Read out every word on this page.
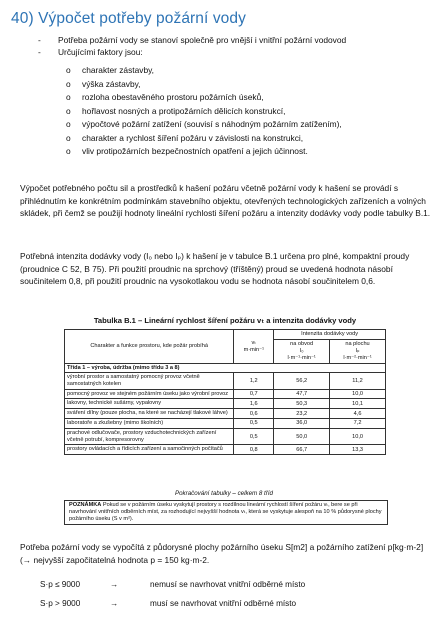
40) Výpočet potřeby požární vody
- Potřeba požární vody se stanoví společně pro vnější i vnitřní požární vodovod
- Určujícími faktory jsou:
o charakter zástavby,
o výška zástavby,
o rozloha obestavěného prostoru požárních úseků,
o hořlavost nosných a protipožárních dělicích konstrukcí,
o výpočtové požární zatížení (souvisí s náhodným požárním zatížením),
o charakter a rychlost šíření požáru v závislosti na konstrukci,
o vliv protipožárních bezpečnostních opatření a jejich účinnost.
Výpočet potřebného počtu sil a prostředků k hašení požáru včetně požární vody k hašení se provádí s přihlédnutím ke konkrétním podmínkám stavebního objektu, otevřených technologických zařízeních a volných skládek, při čemž se použijí hodnoty lineální rychlosti šíření požáru a intenzity dodávky vody podle tabulky B.1.
Potřebná intenzita dodávky vody (I₀ nebo Iₚ) k hašení je v tabulce B.1 určena pro plné, kompaktní proudy (proudnice C 52, B 75). Při použití proudnic na sprchový (tříštěný) proud se uvedená hodnota násobí součinitelem 0,8, při použití proudnic na vysokotlakou vodu se hodnota násobí součinitelem 0,6.
Tabulka B.1 – Lineární rychlost šíření požáru vₜ a intenzita dodávky vody
Charakter a funkce prostoru, kde požár probíhá	vₜ
m·min⁻¹	Intenzita dodávky vody	
		na obvod
I₀
l·m⁻¹·min⁻¹	na plochu
Iₚ
l·m⁻²·min⁻¹
Třída 1 – výroba, údržba (mimo třídu 3 a 8)			
výrobní prostor a samostatný pomocný provoz včetně samostatných kotelen	1,2	56,2	11,2
pomocný provoz ve stejném požárním úseku jako výrobní provoz	0,7	47,7	10,0
lakovny, technické sušárny, vypalovny	1,6	50,3	10,1
sváření dílny (pouze plocha, na které se nacházejí tlakové láhve)	0,6	23,2	4,6
laboratoře a zkušebny (mimo školních)	0,5	36,0	7,2
prachové odlučovače, prostory vzduchotechnických zařízení včetně potrubí, kompresorovny	0,5	50,0	10,0
prostory ovládacích a řídicích zařízení a samočinných počítačů	0,8	66,7	13,3
Pokračování tabulky – celkem 8 tříd
POZNÁMKA Pokud se v požárním úseku vyskytují prostory s rozdílnou lineární rychlostí šíření požáru vₜ, bere se při navrhování vnitřních odběrních míst, za rozhodující nejvyšší hodnota vₜ, která se vyskytuje alespoň na 10 % půdorysné plochy požárního úseku (S v m²).
Potřeba požární vody se vypočítá z půdorysné plochy požárního úseku S[m2] a požárního zatížení p[kg·m-2] (→ nejvyšší započitatelná hodnota p = 150 kg·m-2.
S·p ≤ 9000	→	nemusí se navrhovat vnitřní odběrné místo
S·p > 9000	→	musí se navrhovat vnitřní odběrné místo
